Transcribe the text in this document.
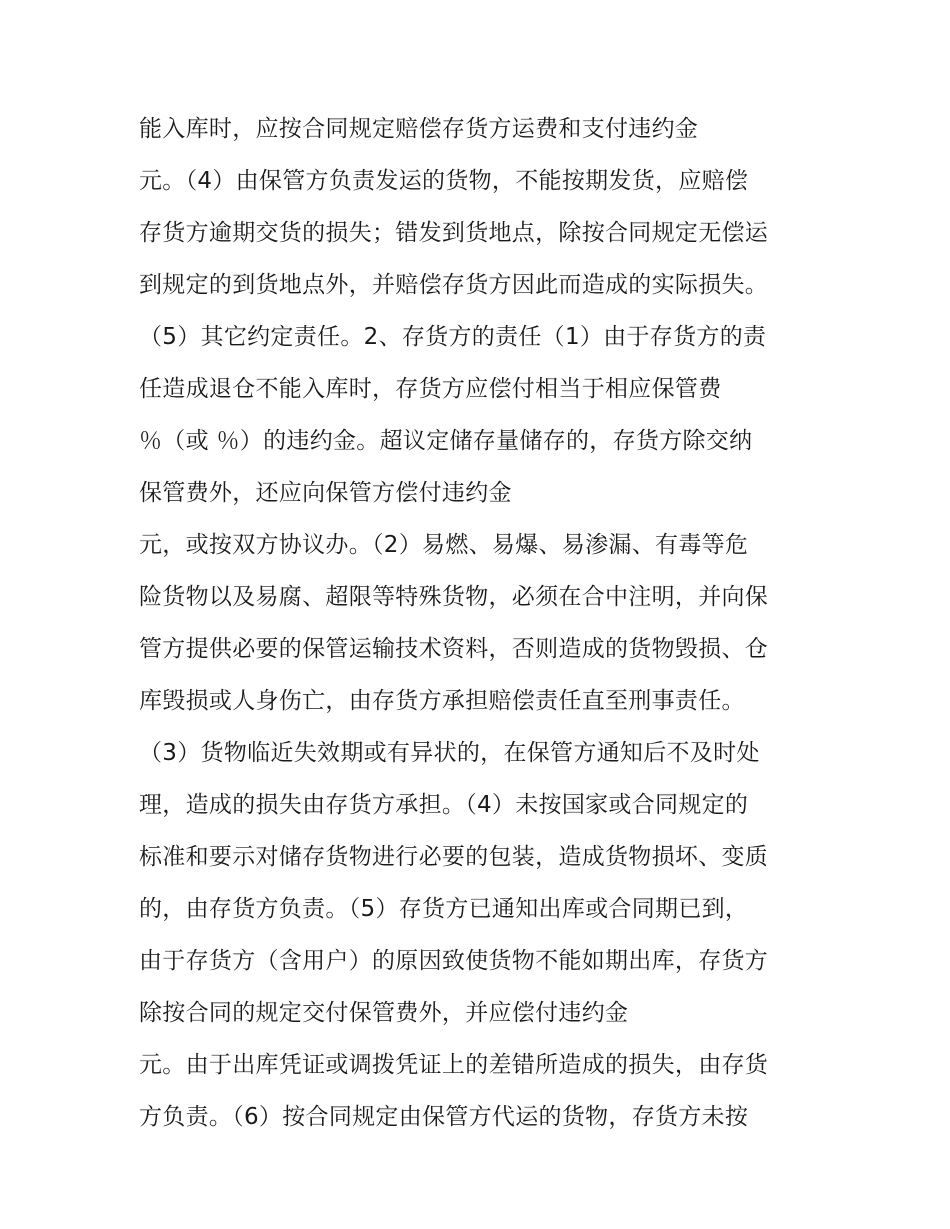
能入库时，应按合同规定赔偿存货方运费和支付违约金
元。（4）由保管方负责发运的货物，不能按期发货，应赔偿
存货方逾期交货的损失；错发到货地点，除按合同规定无偿运
到规定的到货地点外，并赔偿存货方因此而造成的实际损失。
（5）其它约定责任。2、存货方的责任（1）由于存货方的责
任造成退仓不能入库时，存货方应偿付相当于相应保管费
％（或 ％）的违约金。超议定储存量储存的，存货方除交纳
保管费外，还应向保管方偿付违约金
元，或按双方协议办。（2）易燃、易爆、易渗漏、有毒等危
险货物以及易腐、超限等特殊货物，必须在合中注明，并向保
管方提供必要的保管运输技术资料，否则造成的货物毁损、仓
库毁损或人身伤亡，由存货方承担赔偿责任直至刑事责任。
（3）货物临近失效期或有异状的，在保管方通知后不及时处
理，造成的损失由存货方承担。（4）未按国家或合同规定的
标准和要示对储存货物进行必要的包装，造成货物损坏、变质
的，由存货方负责。（5）存货方已通知出库或合同期已到，
由于存货方（含用户）的原因致使货物不能如期出库，存货方
除按合同的规定交付保管费外，并应偿付违约金
元。由于出库凭证或调拨凭证上的差错所造成的损失，由存货
方负责。（6）按合同规定由保管方代运的货物，存货方未按
